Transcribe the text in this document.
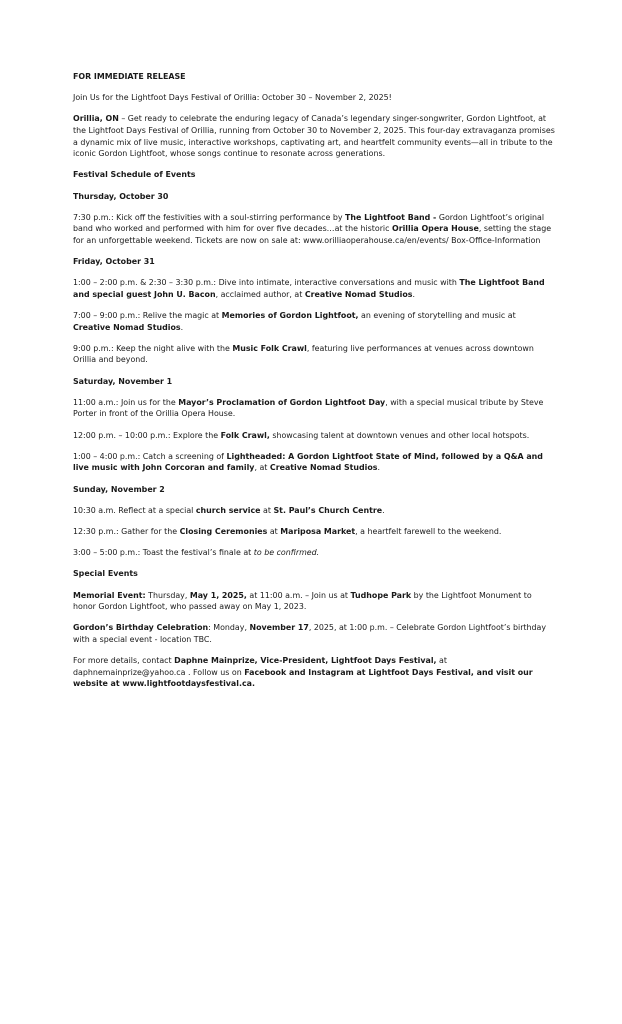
FOR IMMEDIATE RELEASE

Join Us for the Lightfoot Days Festival of Orillia: October 30 – November 2, 2025!

Orillia, ON – Get ready to celebrate the enduring legacy of Canada’s legendary singer-songwriter, Gordon Lightfoot, at the Lightfoot Days Festival of Orillia, running from October 30 to November 2, 2025. This four-day extravaganza promises a dynamic mix of live music, interactive workshops, captivating art, and heartfelt community events—all in tribute to the iconic Gordon Lightfoot, whose songs continue to resonate across generations.

Festival Schedule of Events

Thursday, October 30

7:30 p.m.: Kick off the festivities with a soul-stirring performance by The Lightfoot Band - Gordon Lightfoot’s original band who worked and performed with him for over five decades…at the historic Orillia Opera House, setting the stage for an unforgettable weekend. Tickets are now on sale at: www.orilliaoperahouse.ca/en/events/ Box-Office-Information

Friday, October 31

1:00 – 2:00 p.m. & 2:30 – 3:30 p.m.: Dive into intimate, interactive conversations and music with The Lightfoot Band and special guest John U. Bacon, acclaimed author, at Creative Nomad Studios.

7:00 – 9:00 p.m.: Relive the magic at Memories of Gordon Lightfoot, an evening of storytelling and music at Creative Nomad Studios.

9:00 p.m.: Keep the night alive with the Music Folk Crawl, featuring live performances at venues across downtown Orillia and beyond.

Saturday, November 1

11:00 a.m.: Join us for the Mayor’s Proclamation of Gordon Lightfoot Day, with a special musical tribute by Steve Porter in front of the Orillia Opera House.

12:00 p.m. – 10:00 p.m.: Explore the Folk Crawl, showcasing talent at downtown venues and other local hotspots.

1:00 – 4:00 p.m.: Catch a screening of Lightheaded: A Gordon Lightfoot State of Mind, followed by a Q&A and live music with John Corcoran and family, at Creative Nomad Studios.

Sunday, November 2

10:30 a.m. Reflect at a special church service at St. Paul’s Church Centre.

12:30 p.m.: Gather for the Closing Ceremonies at Mariposa Market, a heartfelt farewell to the weekend.

3:00 – 5:00 p.m.: Toast the festival’s finale at to be confirmed.

Special Events

Memorial Event: Thursday, May 1, 2025, at 11:00 a.m. – Join us at Tudhope Park by the Lightfoot Monument to honor Gordon Lightfoot, who passed away on May 1, 2023.

Gordon’s Birthday Celebration: Monday, November 17, 2025, at 1:00 p.m. – Celebrate Gordon Lightfoot’s birthday with a special event - location TBC.

For more details, contact Daphne Mainprize, Vice-President, Lightfoot Days Festival, at daphnemainprize@yahoo.ca . Follow us on Facebook and Instagram at Lightfoot Days Festival, and visit our website at www.lightfootdaysfestival.ca.
